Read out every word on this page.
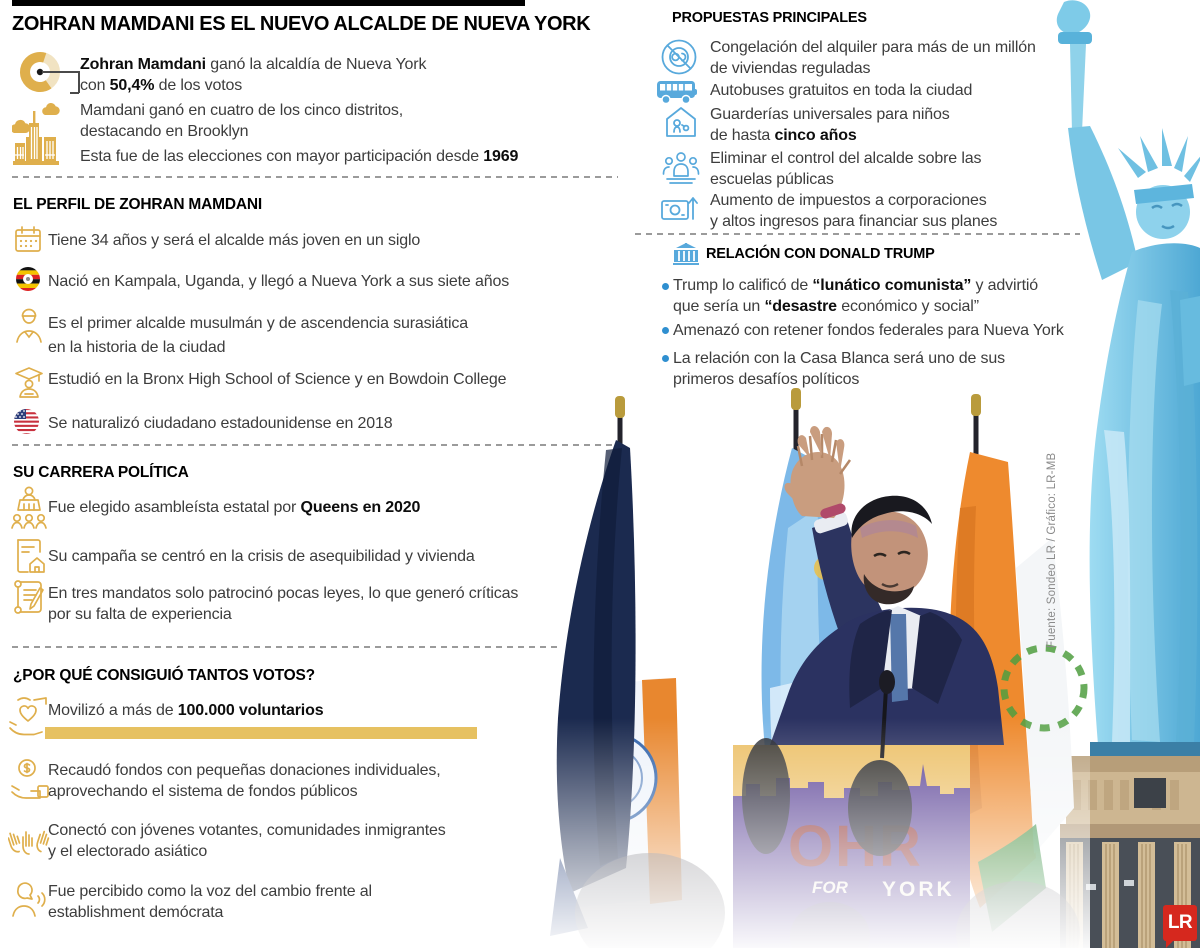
ZOHRAN MAMDANI ES EL NUEVO ALCALDE DE NUEVA YORK
Zohran Mamdani ganó la alcaldía de Nueva York
con 50,4% de los votos
Mamdani ganó en cuatro de los cinco distritos,
destacando en Brooklyn
Esta fue de las elecciones con mayor participación desde 1969
EL PERFIL DE ZOHRAN MAMDANI
Tiene 34 años y será el alcalde más joven en un siglo
Nació en Kampala, Uganda, y llegó a Nueva York a sus siete años
Es el primer alcalde musulmán y de ascendencia surasiática
en la historia de la ciudad
Estudió en la Bronx High School of Science y en Bowdoin College
Se naturalizó ciudadano estadounidense en 2018
SU CARRERA POLÍTICA
Fue elegido asambleísta estatal por Queens en 2020
Su campaña se centró en la crisis de asequibilidad y vivienda
En tres mandatos solo patrocinó pocas leyes, lo que generó críticas
por su falta de experiencia
¿POR QUÉ CONSIGUIÓ TANTOS VOTOS?
Movilizó a más de 100.000 voluntarios
Recaudó fondos con pequeñas donaciones individuales,
aprovechando el sistema de fondos públicos
Conectó con jóvenes votantes, comunidades inmigrantes
y el electorado asiático
Fue percibido como la voz del cambio frente al
establishment demócrata
PROPUESTAS PRINCIPALES
Congelación del alquiler para más de un millón
de viviendas reguladas
Autobuses gratuitos en toda la ciudad
Guarderías universales para niños
de hasta cinco años
Eliminar el control del alcalde sobre las
escuelas públicas
Aumento de impuestos a corporaciones
y altos ingresos para financiar sus planes
RELACIÓN CON DONALD TRUMP
Trump lo calificó de “lunático comunista” y advirtió
que sería un “desastre económico y social”
Amenazó con retener fondos federales para Nueva York
La relación con la Casa Blanca será uno de sus
primeros desafíos políticos
Fuente: Sondeo LR / Gráfico: LR-MB
LR
